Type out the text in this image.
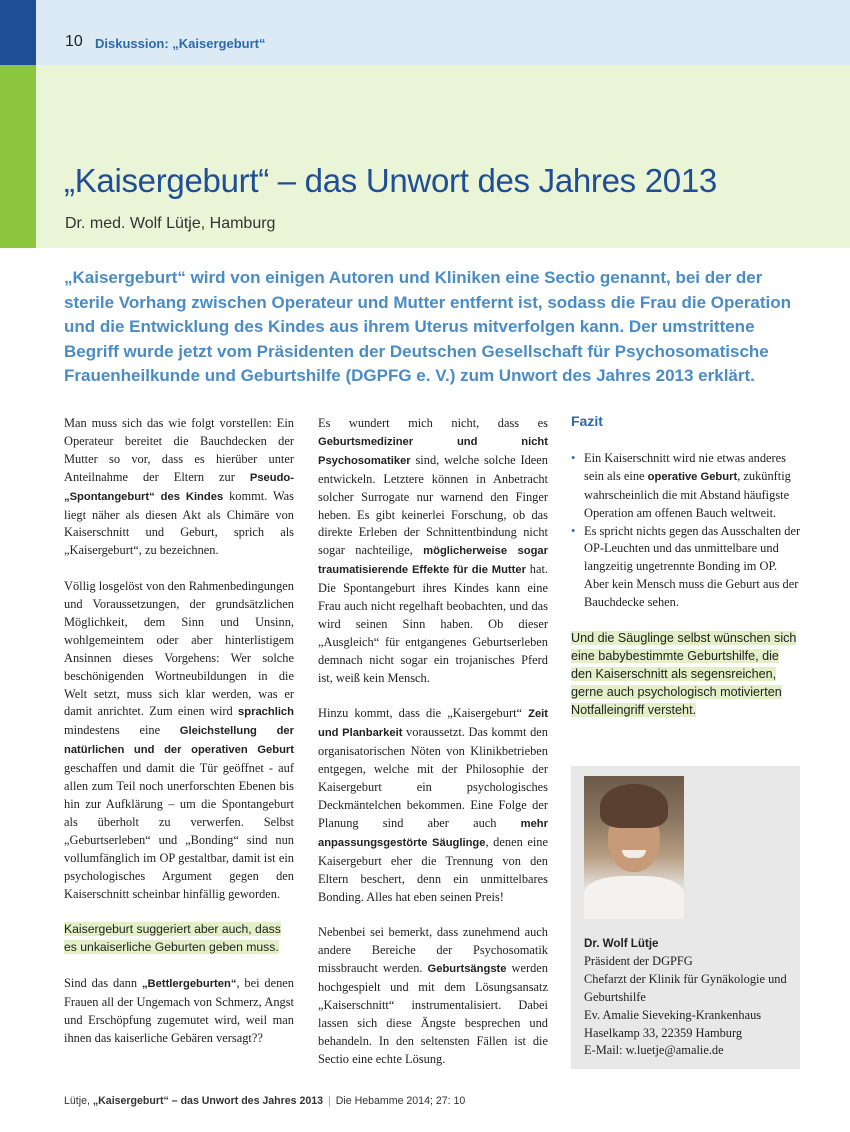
10 Diskussion: „Kaisergeburt“
„Kaisergeburt“ – das Unwort des Jahres 2013
Dr. med. Wolf Lütje, Hamburg

„Kaisergeburt“ wird von einigen Autoren und Kliniken eine Sectio genannt, bei der der sterile Vorhang zwischen Operateur und Mutter entfernt ist, sodass die Frau die Operation und die Entwicklung des Kindes aus ihrem Uterus mitverfolgen kann. Der umstrittene Begriff wurde jetzt vom Präsidenten der Deutschen Gesellschaft für Psychosomatische Frauenheilkunde und Geburtshilfe (DGPFG e. V.) zum Unwort des Jahres 2013 erklärt.

Man muss sich das wie folgt vorstellen: Ein Operateur bereitet die Bauchdecken der Mutter so vor, dass es hierüber unter Anteilnahme der Eltern zur Pseudo-„Spontangeburt“ des Kindes kommt. Was liegt näher als diesen Akt als Chimäre von Kaiserschnitt und Geburt, sprich als „Kaisergeburt“, zu bezeichnen.

Völlig losgelöst von den Rahmenbedingungen und Voraussetzungen, der grundsätzlichen Möglichkeit, dem Sinn und Unsinn, wohlgemeintem oder aber hinterlistigem Ansinnen dieses Vorgehens: Wer solche beschönigenden Wortneubildungen in die Welt setzt, muss sich klar werden, was er damit anrichtet. Zum einen wird sprachlich mindestens eine Gleichstellung der natürlichen und der operativen Geburt geschaffen und damit die Tür geöffnet - auf allen zum Teil noch unerforschten Ebenen bis hin zur Aufklärung – um die Spontangeburt als überholt zu verwerfen. Selbst „Geburtserleben“ und „Bonding“ sind nun vollumfänglich im OP gestaltbar, damit ist ein psychologisches Argument gegen den Kaiserschnitt scheinbar hinfällig geworden.

Kaisergeburt suggeriert aber auch, dass es unkaiserliche Geburten geben muss.

Sind das dann „Bettlergeburten“, bei denen Frauen all der Ungemach von Schmerz, Angst und Erschöpfung zugemutet wird, weil man ihnen das kaiserliche Gebären versagt??

Es wundert mich nicht, dass es Geburtsmediziner und nicht Psychosomatiker sind, welche solche Ideen entwickeln. Letztere können in Anbetracht solcher Surrogate nur warnend den Finger heben. Es gibt keinerlei Forschung, ob das direkte Erleben der Schnittentbindung nicht sogar nachteilige, möglicherweise sogar traumatisierende Effekte für die Mutter hat. Die Spontangeburt ihres Kindes kann eine Frau auch nicht regelhaft beobachten, und das wird seinen Sinn haben. Ob dieser „Ausgleich“ für entgangenes Geburtserleben demnach nicht sogar ein trojanisches Pferd ist, weiß kein Mensch.

Hinzu kommt, dass die „Kaisergeburt“ Zeit und Planbarkeit voraussetzt. Das kommt den organisatorischen Nöten von Klinikbetrieben entgegen, welche mit der Philosophie der Kaisergeburt ein psychologisches Deckmäntelchen bekommen. Eine Folge der Planung sind aber auch mehr anpassungsgestörte Säuglinge, denen eine Kaisergeburt eher die Trennung von den Eltern beschert, denn ein unmittelbares Bonding. Alles hat eben seinen Preis!

Nebenbei sei bemerkt, dass zunehmend auch andere Bereiche der Psychosomatik missbraucht werden. Geburtsängste werden hochgespielt und mit dem Lösungsansatz „Kaiserschnitt“ instrumentalisiert. Dabei lassen sich diese Ängste besprechen und behandeln. In den seltensten Fällen ist die Sectio eine echte Lösung.

Fazit
• Ein Kaiserschnitt wird nie etwas anderes sein als eine operative Geburt, zukünftig wahrscheinlich die mit Abstand häufigste Operation am offenen Bauch weltweit.
• Es spricht nichts gegen das Ausschalten der OP-Leuchten und das unmittelbare und langzeitig ungetrennte Bonding im OP. Aber kein Mensch muss die Geburt aus der Bauchdecke sehen.
Und die Säuglinge selbst wünschen sich eine babybestimmte Geburtshilfe, die den Kaiserschnitt als segensreichen, gerne auch psychologisch motivierten Notfalleingriff versteht.
Dr. Wolf Lütje
Präsident der DGPFG
Chefarzt der Klinik für Gynäkologie und Geburtshilfe
Ev. Amalie Sieveking-Krankenhaus
Haselkamp 33, 22359 Hamburg
E-Mail: w.luetje@amalie.de
Lütje, „Kaisergeburt“ – das Unwort des Jahres 2013 | Die Hebamme 2014; 27: 10
